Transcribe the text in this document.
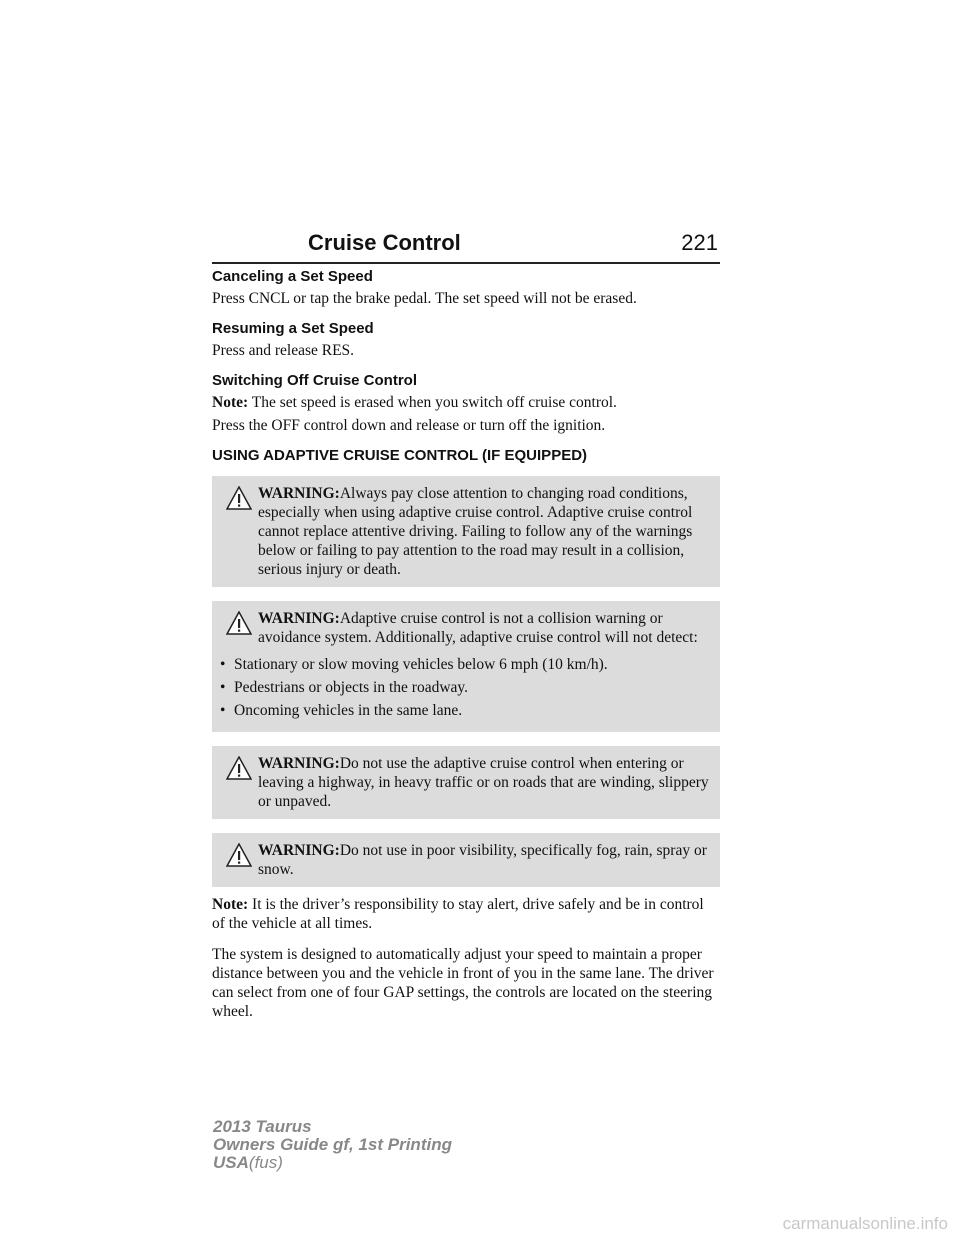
Cruise Control	221
Canceling a Set Speed

Press CNCL or tap the brake pedal. The set speed will not be erased.

Resuming a Set Speed

Press and release RES.

Switching Off Cruise Control

Note: The set speed is erased when you switch off cruise control.

Press the OFF control down and release or turn off the ignition.

USING ADAPTIVE CRUISE CONTROL (IF EQUIPPED)

WARNING:Always pay close attention to changing road conditions, especially when using adaptive cruise control. Adaptive cruise control cannot replace attentive driving. Failing to follow any of the warnings below or failing to pay attention to the road may result in a collision, serious injury or death.

WARNING:Adaptive cruise control is not a collision warning or avoidance system. Additionally, adaptive cruise control will not detect:

• Stationary or slow moving vehicles below 6 mph (10 km/h).
• Pedestrians or objects in the roadway.
• Oncoming vehicles in the same lane.

WARNING:Do not use the adaptive cruise control when entering or leaving a highway, in heavy traffic or on roads that are winding, slippery or unpaved.

WARNING:Do not use in poor visibility, specifically fog, rain, spray or snow.

Note: It is the driver’s responsibility to stay alert, drive safely and be in control of the vehicle at all times.

The system is designed to automatically adjust your speed to maintain a proper distance between you and the vehicle in front of you in the same lane. The driver can select from one of four GAP settings, the controls are located on the steering wheel.

2013 Taurus
Owners Guide gf, 1st Printing
USA(fus)
carmanualsonline.info
